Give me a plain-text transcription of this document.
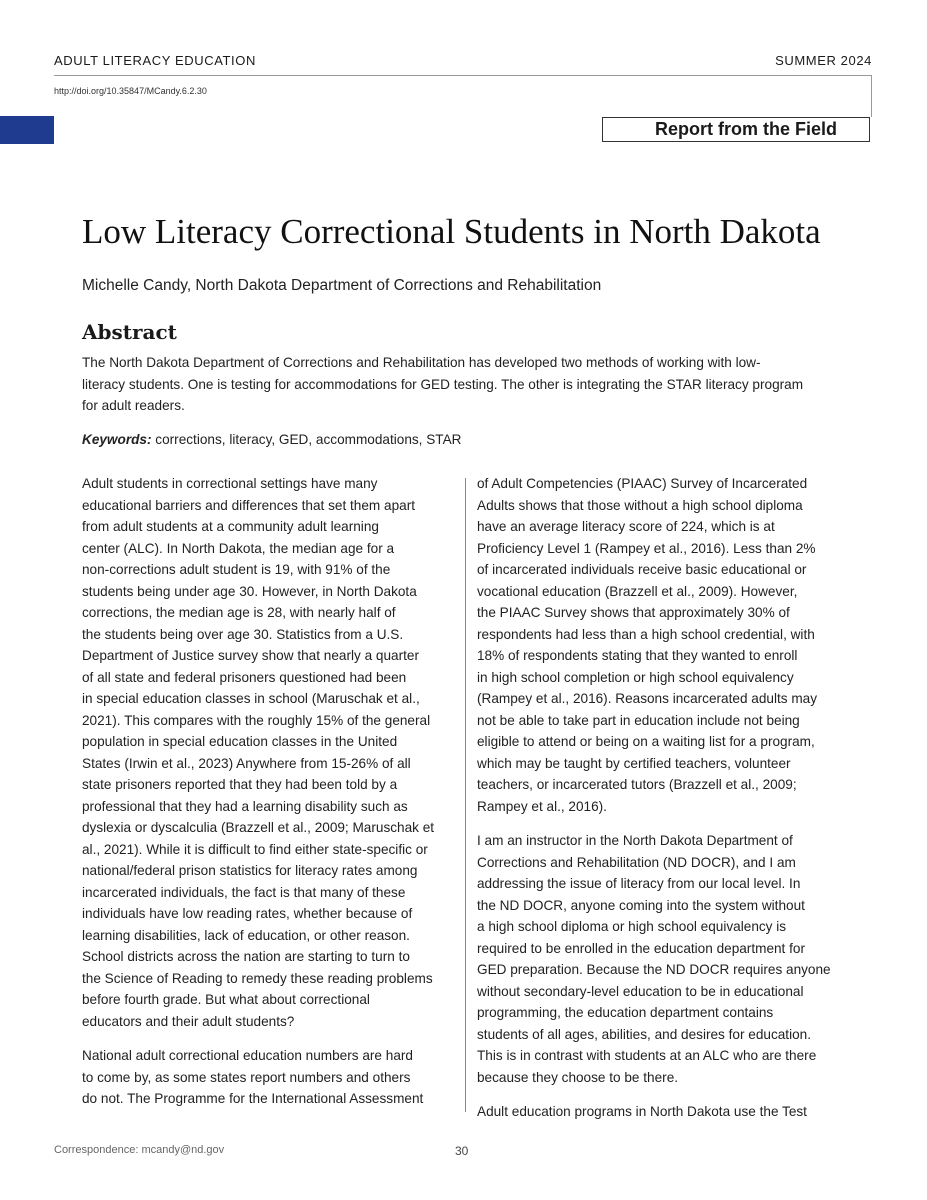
ADULT LITERACY EDUCATION	SUMMER 2024
http://doi.org/10.35847/MCandy.6.2.30
Report from the Field
Low Literacy Correctional Students in North Dakota
Michelle Candy, North Dakota Department of Corrections and Rehabilitation
Abstract
The North Dakota Department of Corrections and Rehabilitation has developed two methods of working with low-
literacy students. One is testing for accommodations for GED testing. The other is integrating the STAR literacy program
for adult readers.
Keywords: corrections, literacy, GED, accommodations, STAR

Adult students in correctional settings have many
educational barriers and differences that set them apart
from adult students at a community adult learning
center (ALC). In North Dakota, the median age for a
non-corrections adult student is 19, with 91% of the
students being under age 30. However, in North Dakota
corrections, the median age is 28, with nearly half of
the students being over age 30. Statistics from a U.S.
Department of Justice survey show that nearly a quarter
of all state and federal prisoners questioned had been
in special education classes in school (Maruschak et al.,
2021). This compares with the roughly 15% of the general
population in special education classes in the United
States (Irwin et al., 2023) Anywhere from 15-26% of all
state prisoners reported that they had been told by a
professional that they had a learning disability such as
dyslexia or dyscalculia (Brazzell et al., 2009; Maruschak et
al., 2021). While it is difficult to find either state-specific or
national/federal prison statistics for literacy rates among
incarcerated individuals, the fact is that many of these
individuals have low reading rates, whether because of
learning disabilities, lack of education, or other reason.
School districts across the nation are starting to turn to
the Science of Reading to remedy these reading problems
before fourth grade. But what about correctional
educators and their adult students?

National adult correctional education numbers are hard
to come by, as some states report numbers and others
do not. The Programme for the International Assessment

of Adult Competencies (PIAAC) Survey of Incarcerated
Adults shows that those without a high school diploma
have an average literacy score of 224, which is at
Proficiency Level 1 (Rampey et al., 2016). Less than 2%
of incarcerated individuals receive basic educational or
vocational education (Brazzell et al., 2009). However,
the PIAAC Survey shows that approximately 30% of
respondents had less than a high school credential, with
18% of respondents stating that they wanted to enroll
in high school completion or high school equivalency
(Rampey et al., 2016). Reasons incarcerated adults may
not be able to take part in education include not being
eligible to attend or being on a waiting list for a program,
which may be taught by certified teachers, volunteer
teachers, or incarcerated tutors (Brazzell et al., 2009;
Rampey et al., 2016).

I am an instructor in the North Dakota Department of
Corrections and Rehabilitation (ND DOCR), and I am
addressing the issue of literacy from our local level. In
the ND DOCR, anyone coming into the system without
a high school diploma or high school equivalency is
required to be enrolled in the education department for
GED preparation. Because the ND DOCR requires anyone
without secondary-level education to be in educational
programming, the education department contains
students of all ages, abilities, and desires for education.
This is in contrast with students at an ALC who are there
because they choose to be there.

Adult education programs in North Dakota use the Test

Correspondence: mcandy@nd.gov	30
